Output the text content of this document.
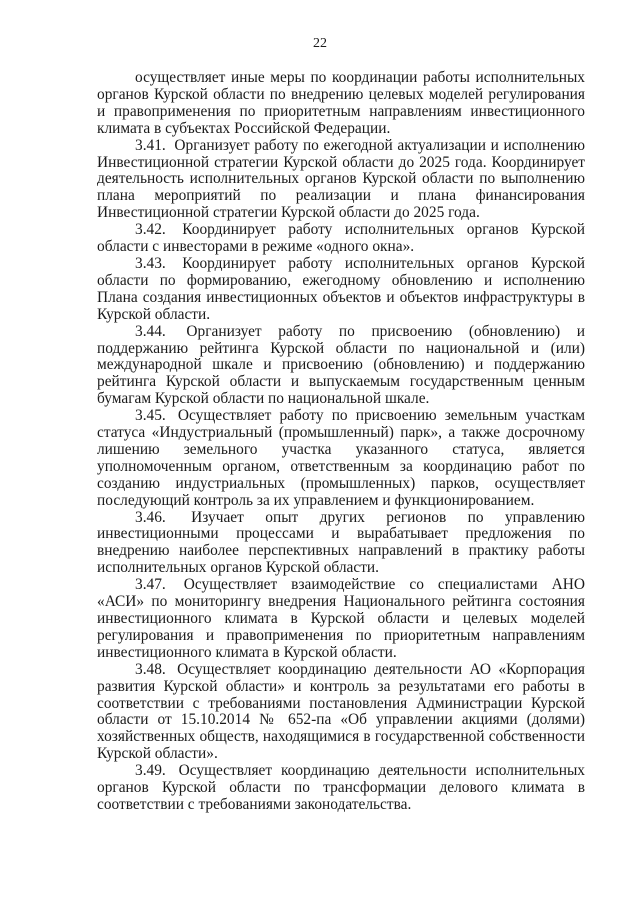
22

осуществляет иные меры по координации работы исполнительных органов Курской области по внедрению целевых моделей регулирования и правоприменения по приоритетным направлениям инвестиционного климата в субъектах Российской Федерации.

3.41. Организует работу по ежегодной актуализации и исполнению Инвестиционной стратегии Курской области до 2025 года. Координирует деятельность исполнительных органов Курской области по выполнению плана мероприятий по реализации и плана финансирования Инвестиционной стратегии Курской области до 2025 года.

3.42. Координирует работу исполнительных органов Курской области с инвесторами в режиме «одного окна».

3.43. Координирует работу исполнительных органов Курской области по формированию, ежегодному обновлению и исполнению Плана создания инвестиционных объектов и объектов инфраструктуры в Курской области.

3.44. Организует работу по присвоению (обновлению) и поддержанию рейтинга Курской области по национальной и (или) международной шкале и присвоению (обновлению) и поддержанию рейтинга Курской области и выпускаемым государственным ценным бумагам Курской области по национальной шкале.

3.45. Осуществляет работу по присвоению земельным участкам статуса «Индустриальный (промышленный) парк», а также досрочному лишению земельного участка указанного статуса, является уполномоченным органом, ответственным за координацию работ по созданию индустриальных (промышленных) парков, осуществляет последующий контроль за их управлением и функционированием.

3.46. Изучает опыт других регионов по управлению инвестиционными процессами и вырабатывает предложения по внедрению наиболее перспективных направлений в практику работы исполнительных органов Курской области.

3.47. Осуществляет взаимодействие со специалистами АНО «АСИ» по мониторингу внедрения Национального рейтинга состояния инвестиционного климата в Курской области и целевых моделей регулирования и правоприменения по приоритетным направлениям инвестиционного климата в Курской области.

3.48. Осуществляет координацию деятельности АО «Корпорация развития Курской области» и контроль за результатами его работы в соответствии с требованиями постановления Администрации Курской области от 15.10.2014 № 652-па «Об управлении акциями (долями) хозяйственных обществ, находящимися в государственной собственности Курской области».

3.49. Осуществляет координацию деятельности исполнительных органов Курской области по трансформации делового климата в соответствии с требованиями законодательства.
